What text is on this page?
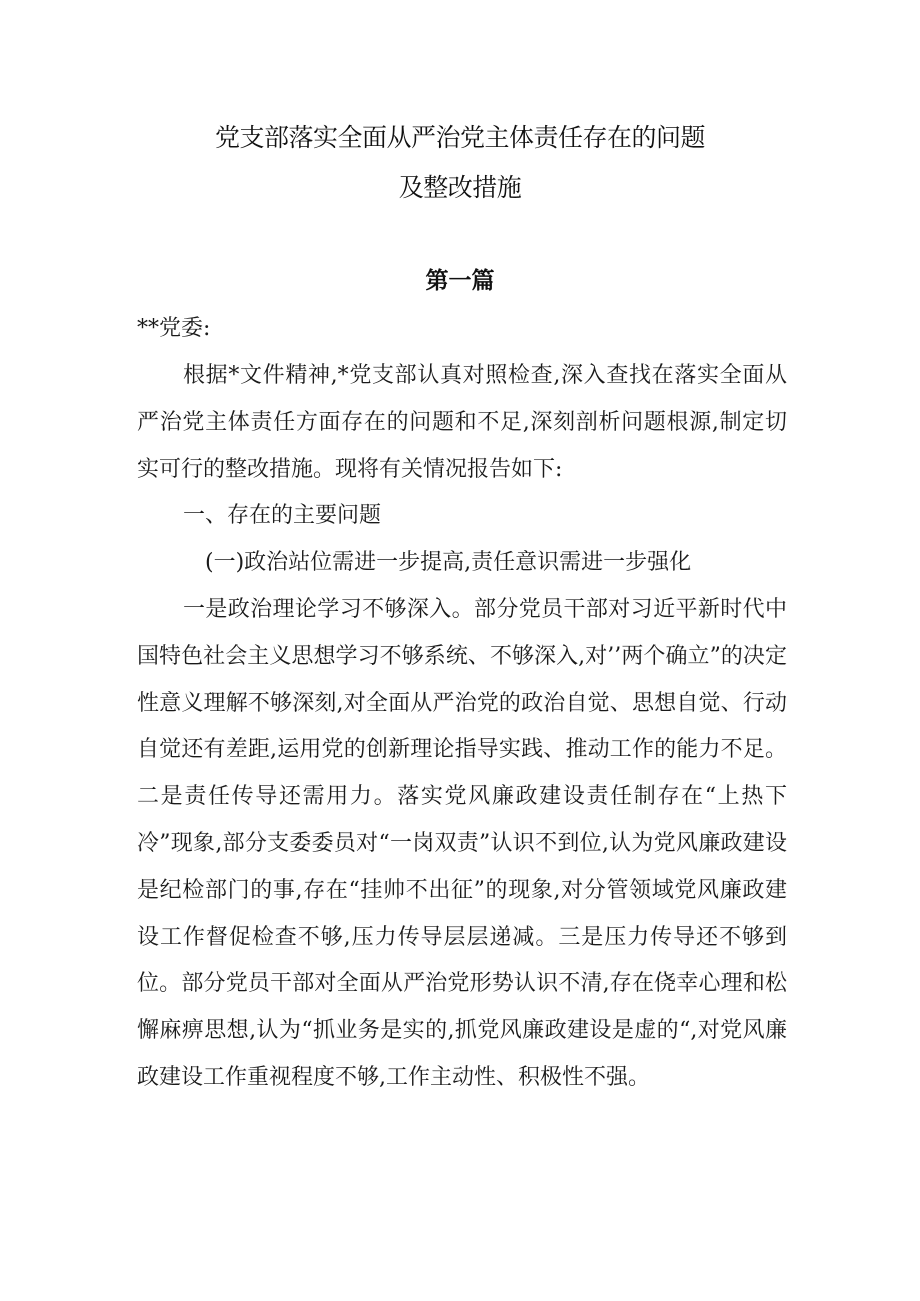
党支部落实全面从严治党主体责任存在的问题
及整改措施
第一篇

**党委:

根据*文件精神,*党支部认真对照检查,深入查找在落实全面从严治党主体责任方面存在的问题和不足,深刻剖析问题根源,制定切实可行的整改措施。现将有关情况报告如下:

一、存在的主要问题

(一)政治站位需进一步提高,责任意识需进一步强化

一是政治理论学习不够深入。部分党员干部对习近平新时代中国特色社会主义思想学习不够系统、不够深入,对’’两个确立”的决定性意义理解不够深刻,对全面从严治党的政治自觉、思想自觉、行动自觉还有差距,运用党的创新理论指导实践、推动工作的能力不足。二是责任传导还需用力。落实党风廉政建设责任制存在“上热下冷”现象,部分支委委员对“一岗双责”认识不到位,认为党风廉政建设是纪检部门的事,存在“挂帅不出征”的现象,对分管领域党风廉政建设工作督促检查不够,压力传导层层递减。三是压力传导还不够到位。部分党员干部对全面从严治党形势认识不清,存在侥幸心理和松懈麻痹思想,认为“抓业务是实的,抓党风廉政建设是虚的“,对党风廉政建设工作重视程度不够,工作主动性、积极性不强。
